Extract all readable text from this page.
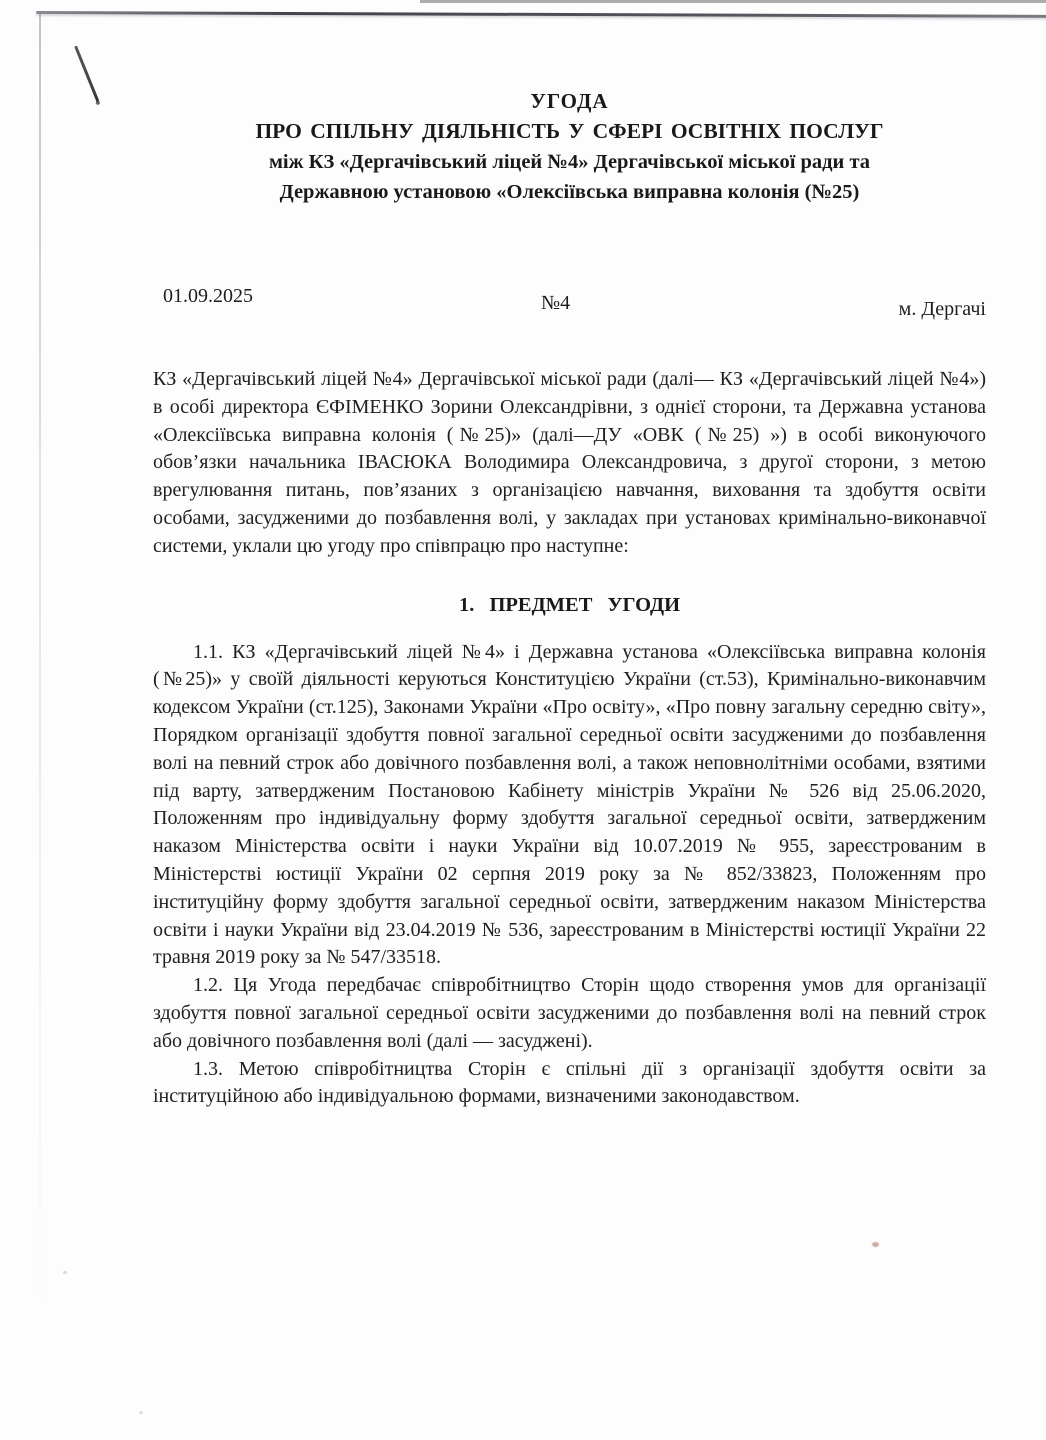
УГОДА
ПРО СПІЛЬНУ ДІЯЛЬНІСТЬ У СФЕРІ ОСВІТНІХ ПОСЛУГ
між КЗ «Дергачівський ліцей №4» Дергачівської міської ради та
Державною установою «Олексіївська виправна колонія (№25)
01.09.2025	№4	м. Дергачі

КЗ «Дергачівський ліцей №4» Дергачівської міської ради (далі— КЗ «Дергачівський ліцей №4») в особі директора ЄФІМЕНКО Зорини Олександрівни, з однієї сторони, та Державна установа «Олексіївська виправна колонія (№25)» (далі—ДУ «ОВК (№25) ») в особі виконуючого обов’язки начальника ІВАСЮКА Володимира Олександровича, з другої сторони, з метою врегулювання питань, пов’язаних з організацією навчання, виховання та здобуття освіти особами, засудженими до позбавлення волі, у закладах при установах кримінально-виконавчої системи, уклали цю угоду про співпрацю про наступне:

1. ПРЕДМЕТ УГОДИ

1.1. КЗ «Дергачівський ліцей №4» і Державна установа «Олексіївська виправна колонія (№25)» у своїй діяльності керуються Конституцією України (ст.53), Кримінально-виконавчим кодексом України (ст.125), Законами України «Про освіту», «Про повну загальну середню світу», Порядком організації здобуття повної загальної середньої освіти засудженими до позбавлення волі на певний строк або довічного позбавлення волі, а також неповнолітніми особами, взятими під варту, затвердженим Постановою Кабінету міністрів України № 526 від 25.06.2020, Положенням про індивідуальну форму здобуття загальної середньої освіти, затвердженим наказом Міністерства освіти і науки України від 10.07.2019 № 955, зареєстрованим в Міністерстві юстиції України 02 серпня 2019 року за № 852/33823, Положенням про інституційну форму здобуття загальної середньої освіти, затвердженим наказом Міністерства освіти і науки України від 23.04.2019 № 536, зареєстрованим в Міністерстві юстиції України 22 травня 2019 року за № 547/33518.

1.2. Ця Угода передбачає співробітництво Сторін щодо створення умов для організації здобуття повної загальної середньої освіти засудженими до позбавлення волі на певний строк або довічного позбавлення волі (далі — засуджені).

1.3. Метою співробітництва Сторін є спільні дії з організації здобуття освіти за інституційною або індивідуальною формами, визначеними законодавством.
